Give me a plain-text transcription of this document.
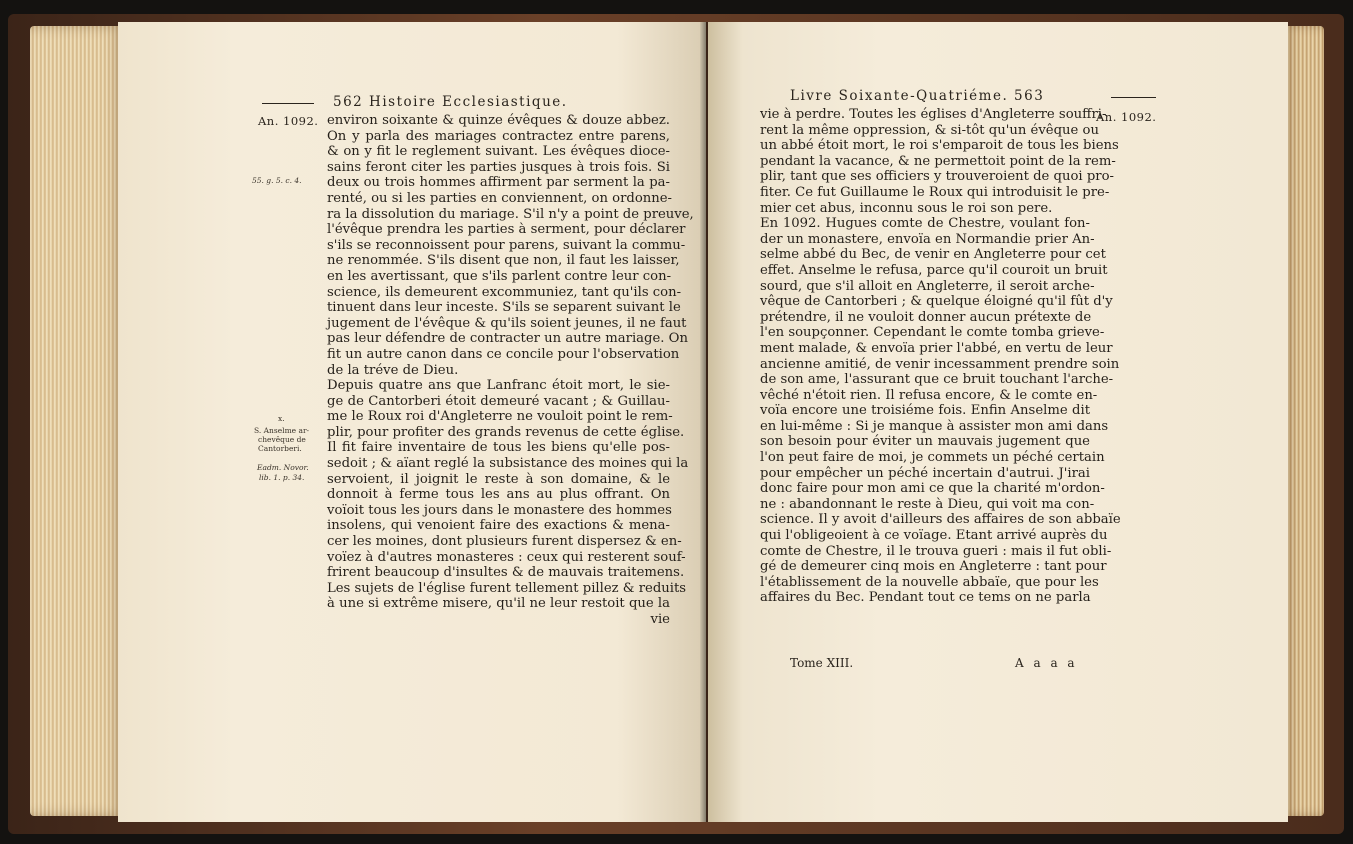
562 Histoire Ecclesiastique.
An. 1092.
55. g. 5. c. 4.
x.
S. Anselme ar-
chevêque de
Cantorberi.
Eadm. Novor.
lib. 1. p. 34.
environ soixante & quinze évêques & douze abbez.
On y parla des mariages contractez entre parens,
& on y fit le reglement suivant. Les évêques dioce-
sains feront citer les parties jusques à trois fois. Si
deux ou trois hommes affirment par serment la pa-
renté, ou si les parties en conviennent, on ordonne-
ra la dissolution du mariage. S'il n'y a point de preuve,
l'évêque prendra les parties à serment, pour déclarer
s'ils se reconnoissent pour parens, suivant la commu-
ne renommée. S'ils disent que non, il faut les laisser,
en les avertissant, que s'ils parlent contre leur con-
science, ils demeurent excommuniez, tant qu'ils con-
tinuent dans leur inceste. S'ils se separent suivant le
jugement de l'évêque & qu'ils soient jeunes, il ne faut
pas leur défendre de contracter un autre mariage. On
fit un autre canon dans ce concile pour l'observation
de la tréve de Dieu.
Depuis quatre ans que Lanfranc étoit mort, le sie-
ge de Cantorberi étoit demeuré vacant ; & Guillau-
me le Roux roi d'Angleterre ne vouloit point le rem-
plir, pour profiter des grands revenus de cette église.
Il fit faire inventaire de tous les biens qu'elle pos-
sedoit ; & aïant reglé la subsistance des moines qui la
servoient, il joignit le reste à son domaine, & le
donnoit à ferme tous les ans au plus offrant. On
voïoit tous les jours dans le monastere des hommes
insolens, qui venoient faire des exactions & mena-
cer les moines, dont plusieurs furent dispersez & en-
voïez à d'autres monasteres : ceux qui resterent souf-
frirent beaucoup d'insultes & de mauvais traitemens.
Les sujets de l'église furent tellement pillez & reduits
à une si extrême misere, qu'il ne leur restoit que la
vie
Livre Soixante-Quatriéme. 563
An. 1092.
vie à perdre. Toutes les églises d'Angleterre souffri-
rent la même oppression, & si-tôt qu'un évêque ou
un abbé étoit mort, le roi s'emparoit de tous les biens
pendant la vacance, & ne permettoit point de la rem-
plir, tant que ses officiers y trouveroient de quoi pro-
fiter. Ce fut Guillaume le Roux qui introduisit le pre-
mier cet abus, inconnu sous le roi son pere.
En 1092. Hugues comte de Chestre, voulant fon-
der un monastere, envoïa en Normandie prier An-
selme abbé du Bec, de venir en Angleterre pour cet
effet. Anselme le refusa, parce qu'il couroit un bruit
sourd, que s'il alloit en Angleterre, il seroit arche-
vêque de Cantorberi ; & quelque éloigné qu'il fût d'y
prétendre, il ne vouloit donner aucun prétexte de
l'en soupçonner. Cependant le comte tomba grieve-
ment malade, & envoïa prier l'abbé, en vertu de leur
ancienne amitié, de venir incessamment prendre soin
de son ame, l'assurant que ce bruit touchant l'arche-
vêché n'étoit rien. Il refusa encore, & le comte en-
voïa encore une troisiéme fois. Enfin Anselme dit
en lui-même : Si je manque à assister mon ami dans
son besoin pour éviter un mauvais jugement que
l'on peut faire de moi, je commets un péché certain
pour empêcher un péché incertain d'autrui. J'irai
donc faire pour mon ami ce que la charité m'ordon-
ne : abandonnant le reste à Dieu, qui voit ma con-
science. Il y avoit d'ailleurs des affaires de son abbaïe
qui l'obligeoient à ce voïage. Etant arrivé auprès du
comte de Chestre, il le trouva gueri : mais il fut obli-
gé de demeurer cinq mois en Angleterre : tant pour
l'établissement de la nouvelle abbaïe, que pour les
affaires du Bec. Pendant tout ce tems on ne parla
Tome XIII.	A a a a
